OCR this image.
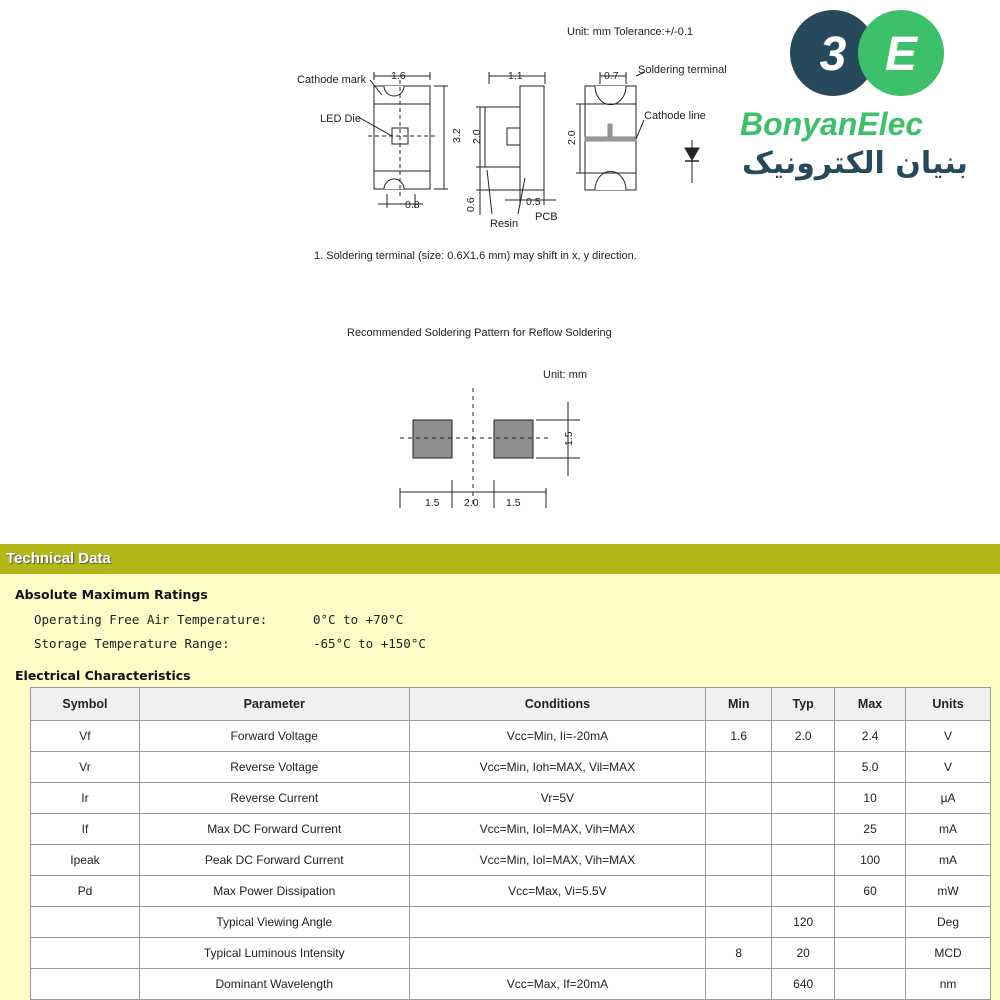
Unit: mm Tolerance:+/-0.1
Cathode mark
LED Die
1.6
3.2
0.8
1.1
2.0
0.6	0.5
Resin
PCB
0.7
2.0
Soldering terminal
Cathode line
1. Soldering terminal (size: 0.6X1.6 mm) may shift in x, y direction.
3 E
BonyanElec
بنیان الکترونیک
Recommended Soldering Pattern for Reflow Soldering
Unit: mm
1.5 2.0	1.5
1.5
Technical Data
Absolute Maximum Ratings
Operating Free Air Temperature:	0°C to +70°C
Storage Temperature Range:	-65°C to +150°C
Electrical Characteristics
Symbol	Parameter	Conditions	Min	Typ	Max	Units
Vf	Forward Voltage	Vcc=Min, Ii=-20mA	1.6	2.0	2.4	V
Vr	Reverse Voltage	Vcc=Min, Ioh=MAX, Vil=MAX			5.0	V
Ir	Reverse Current	Vr=5V			10	µA
If	Max DC Forward Current	Vcc=Min, Iol=MAX, Vih=MAX			25	mA
Ipeak	Peak DC Forward Current	Vcc=Min, Iol=MAX, Vih=MAX			100	mA
Pd	Max Power Dissipation	Vcc=Max, Vi=5.5V			60	mW
	Typical Viewing Angle			120		Deg
	Typical Luminous Intensity		8	20		MCD
	Dominant Wavelength	Vcc=Max, If=20mA		640		nm
